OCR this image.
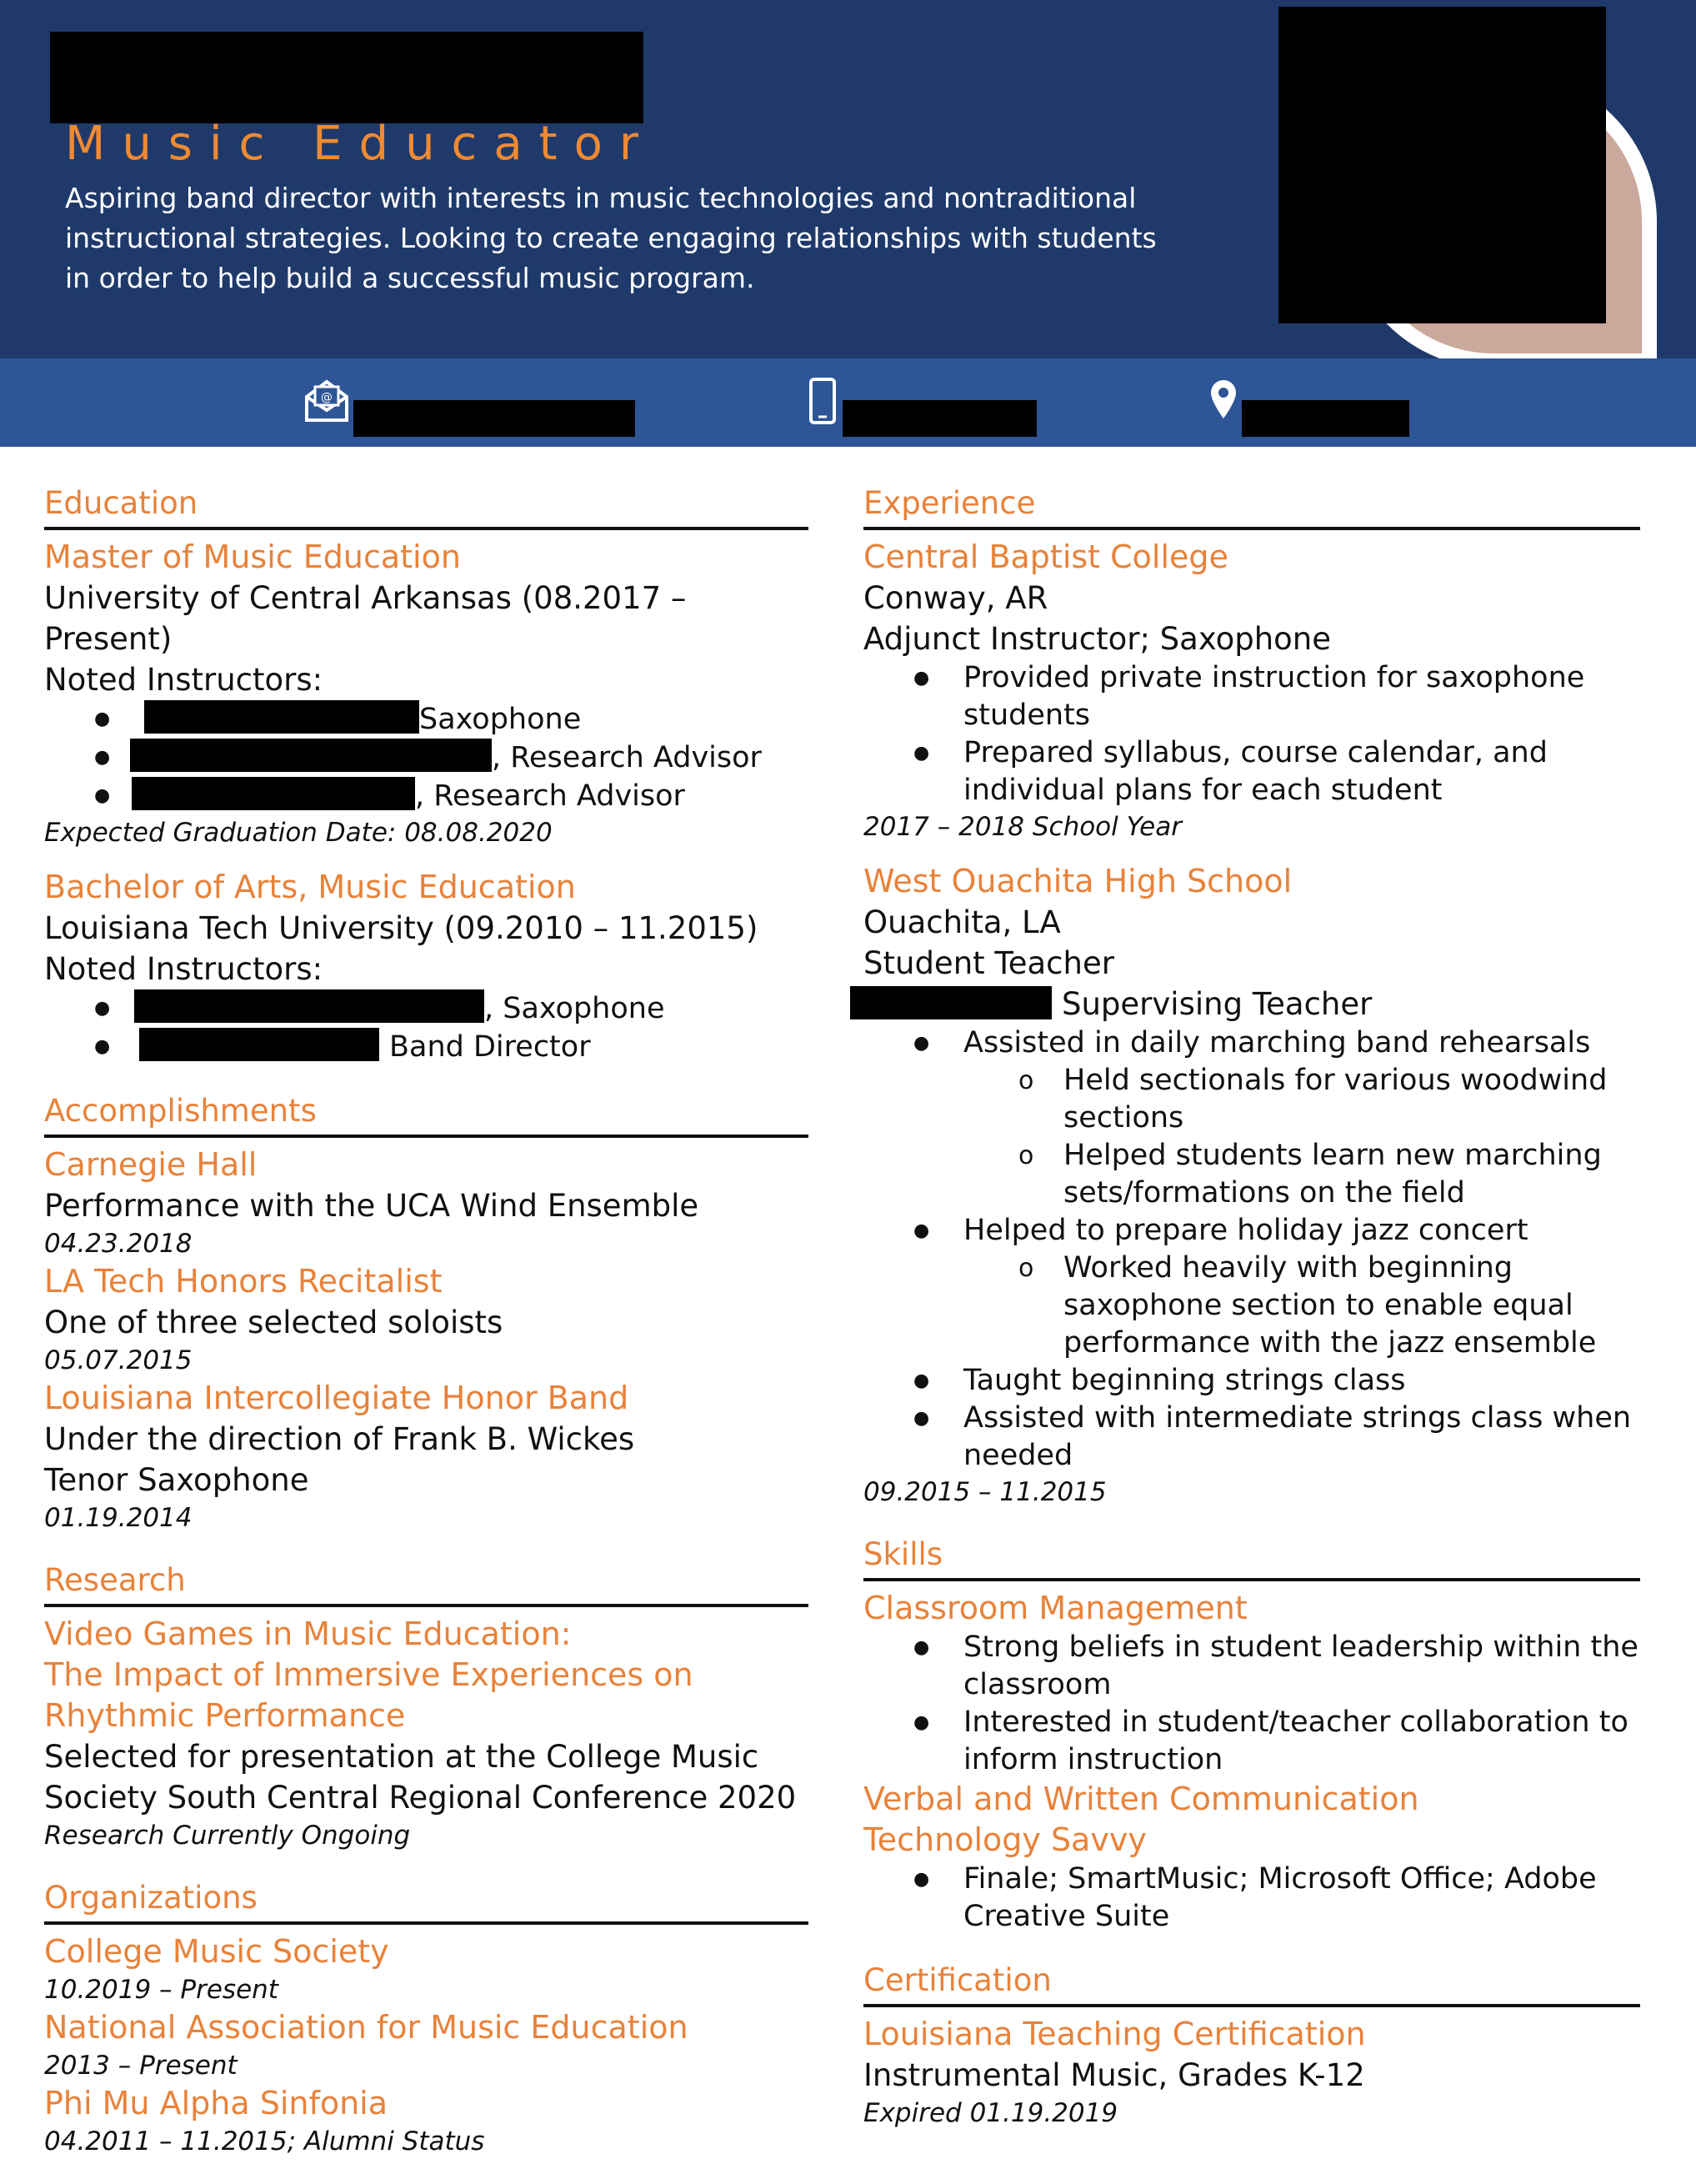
Music Educator

Aspiring band director with interests in music technologies and nontraditional instructional strategies. Looking to create engaging relationships with students in order to help build a successful music program.

@
Education
Master of Music Education
University of Central Arkansas (08.2017 – Present)
Noted Instructors:
● Saxophone
● , Research Advisor
● , Research Advisor
Expected Graduation Date: 08.08.2020
Bachelor of Arts, Music Education
Louisiana Tech University (09.2010 – 11.2015)
Noted Instructors:
● , Saxophone
● Band Director
Accomplishments
Carnegie Hall
Performance with the UCA Wind Ensemble
04.23.2018
LA Tech Honors Recitalist
One of three selected soloists
05.07.2015
Louisiana Intercollegiate Honor Band
Under the direction of Frank B. Wickes
Tenor Saxophone
01.19.2014
Research
Video Games in Music Education:
The Impact of Immersive Experiences on Rhythmic Performance
Selected for presentation at the College Music Society South Central Regional Conference 2020
Research Currently Ongoing
Organizations
College Music Society
10.2019 – Present
National Association for Music Education
2013 – Present
Phi Mu Alpha Sinfonia
04.2011 – 11.2015; Alumni Status
Experience
Central Baptist College
Conway, AR
Adjunct Instructor; Saxophone
● Provided private instruction for saxophone students
● Prepared syllabus, course calendar, and individual plans for each student
2017 – 2018 School Year
West Ouachita High School
Ouachita, LA
Student Teacher
Supervising Teacher
● Assisted in daily marching band rehearsals
o Held sectionals for various woodwind sections
o Helped students learn new marching sets/formations on the field
● Helped to prepare holiday jazz concert
o Worked heavily with beginning saxophone section to enable equal performance with the jazz ensemble
● Taught beginning strings class
● Assisted with intermediate strings class when needed
09.2015 – 11.2015
Skills
Classroom Management
● Strong beliefs in student leadership within the classroom
● Interested in student/teacher collaboration to inform instruction
Verbal and Written Communication
Technology Savvy
● Finale; SmartMusic; Microsoft Office; Adobe Creative Suite
Certification
Louisiana Teaching Certification
Instrumental Music, Grades K-12
Expired 01.19.2019
